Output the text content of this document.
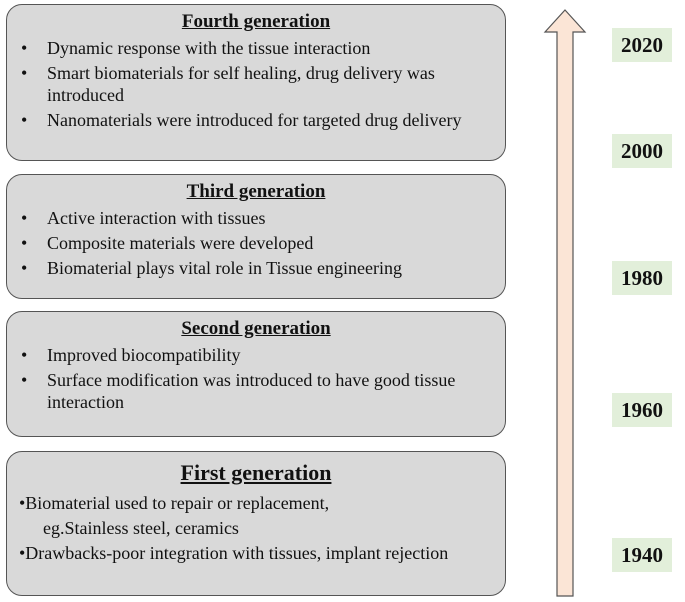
Fourth generation
• Dynamic response with the tissue interaction
• Smart biomaterials for self healing, drug delivery was introduced
• Nanomaterials were introduced for targeted drug delivery
Third generation
• Active interaction with tissues
• Composite materials were developed
• Biomaterial plays vital role in Tissue engineering
Second generation
• Improved biocompatibility
• Surface modification was introduced to have good tissue interaction
First generation
•Biomaterial used to repair or replacement,
eg.Stainless steel, ceramics
•Drawbacks-poor integration with tissues, implant rejection
2020
2000
1980
1960
1940
